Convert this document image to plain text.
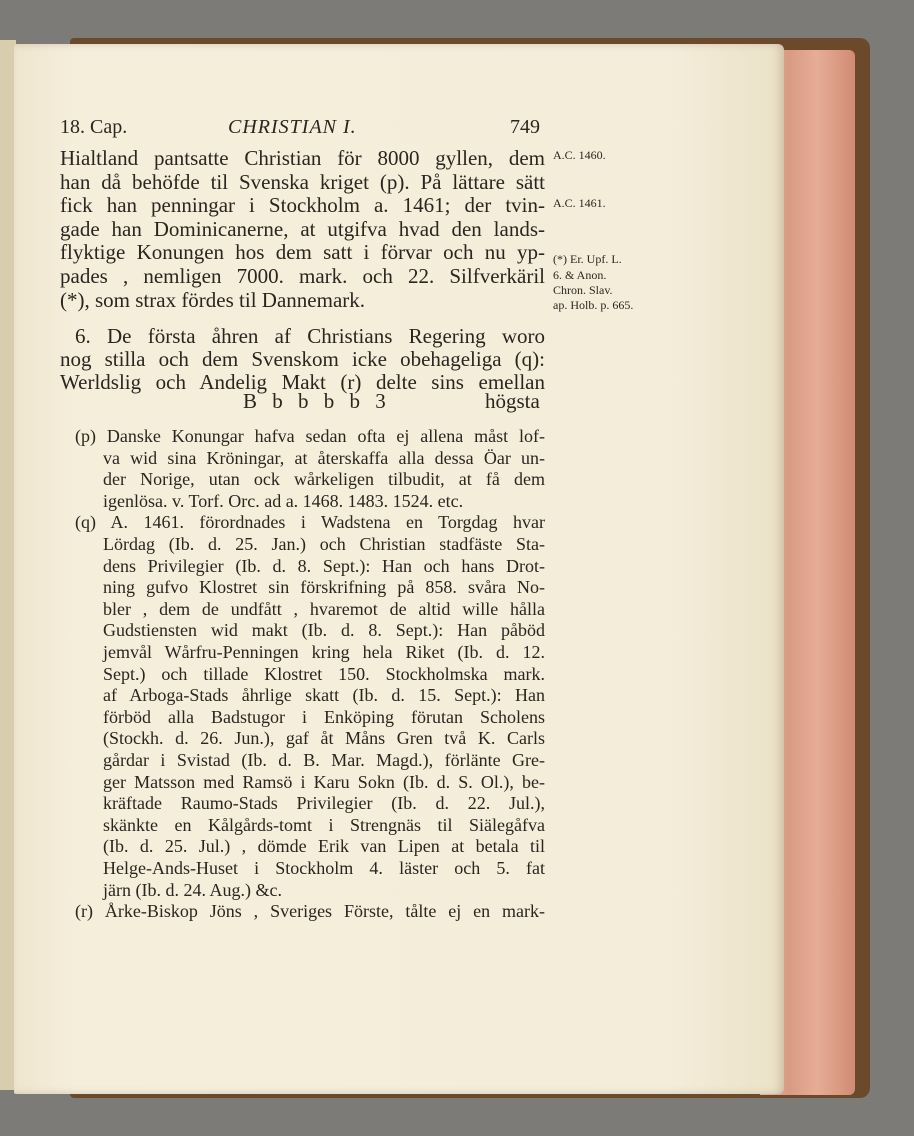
18. Cap.	CHRISTIAN I.	749
Hialtland pantsatte Christian för 8000 gyllen, dem
han då behöfde til Svenska kriget (p). På lättare sätt
fick han penningar i Stockholm a. 1461; der tvin-
gade han Dominicanerne, at utgifva hvad den lands-
flyktige Konungen hos dem satt i förvar och nu yp-
pades , nemligen 7000. mark. och 22. Silfverkäril
(*), som strax fördes til Dannemark.
6. De första åhren af Christians Regering woro
nog stilla och dem Svenskom icke obehageliga (q):
Werldslig och Andelig Makt (r) delte sins emellan
A.C. 1460.
A.C. 1461.
(*) Er. Upf. L.
6. & Anon.
Chron. Slav.
ap. Holb. p. 665.
(p) Danske Konungar hafva sedan ofta ej allena måst lof-
va wid sina Kröningar, at återskaffa alla dessa Öar un-
der Norige, utan ock wårkeligen tilbudit, at få dem
igenlösa. v. Torf. Orc. ad a. 1468. 1483. 1524. etc.
(q) A. 1461. förordnades i Wadstena en Torgdag hvar
Lördag (Ib. d. 25. Jan.) och Christian stadfäste Sta-
dens Privilegier (Ib. d. 8. Sept.): Han och hans Drot-
ning gufvo Klostret sin förskrifning på 858. svåra No-
bler , dem de undfått , hvaremot de altid wille hålla
Gudstiensten wid makt (Ib. d. 8. Sept.): Han påböd
jemvål Wårfru-Penningen kring hela Riket (Ib. d. 12.
Sept.) och tillade Klostret 150. Stockholmska mark.
af Arboga-Stads åhrlige skatt (Ib. d. 15. Sept.): Han
förböd alla Badstugor i Enköping förutan Scholens
(Stockh. d. 26. Jun.), gaf åt Måns Gren två K. Carls
gårdar i Svistad (Ib. d. B. Mar. Magd.), förlänte Gre-
ger Matsson med Ramsö i Karu Sokn (Ib. d. S. Ol.), be-
kräftade Raumo-Stads Privilegier (Ib. d. 22. Jul.),
skänkte en Kålgårds-tomt i Strengnäs til Siälegåfva
(Ib. d. 25. Jul.) , dömde Erik van Lipen at betala til
Helge-Ands-Huset i Stockholm 4. läster och 5. fat
järn (Ib. d. 24. Aug.) &c.
(r) Årke-Biskop Jöns , Sveriges Förste, tålte ej en mark-
B b b b b 3	högsta
